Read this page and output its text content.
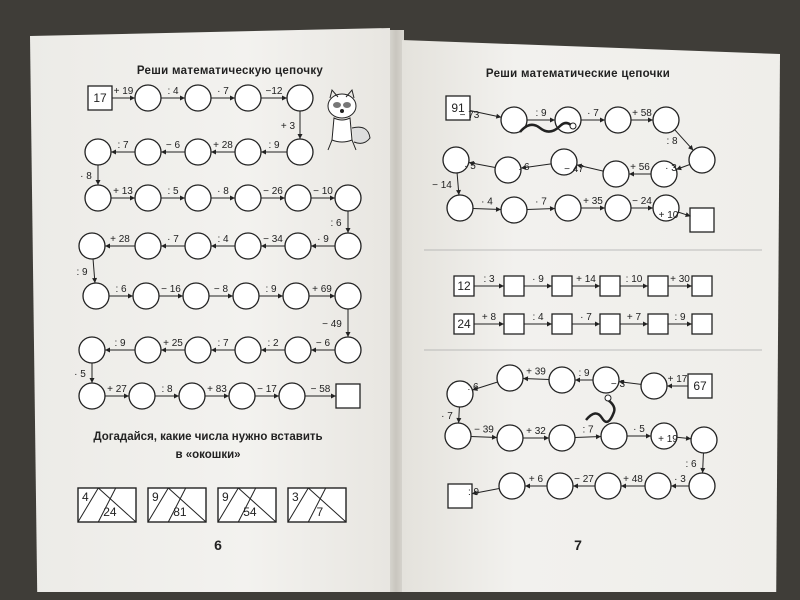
Реши математическую цепочку
17 + 19	: 4	· 7	−12
+ 3
: 9
+ 28
− 6
: 7
· 8
+ 13	: 5	· 8	− 26	− 10
: 6
· 9
− 34
: 4
· 7
+ 28
: 9
: 6	− 16	− 8	: 9	+ 69
− 49
− 6
: 2
: 7
+ 25
: 9
· 5
+ 27	: 8	+ 83	− 17	− 58
Догадайся, какие числа нужно вставить
в «окошки»
4
24
9
81
9
54
3
7
6
Реши математические цепочки
91
− 73	: 9	· 7	+ 58
: 8
· 3
+ 56
− 47
: 6
· 5
− 14
· 4	· 7	+ 35	− 24
+ 10
12 : 3	· 9	+ 14	: 10	+ 30
24 + 8	: 4	· 7	+ 7	: 9
67
+ 17
− 3
: 9
+ 39
: 6
· 7
− 39	+ 32	: 7	· 5
+ 19
: 6
· 3
+ 48
− 27
+ 6
: 9
7
